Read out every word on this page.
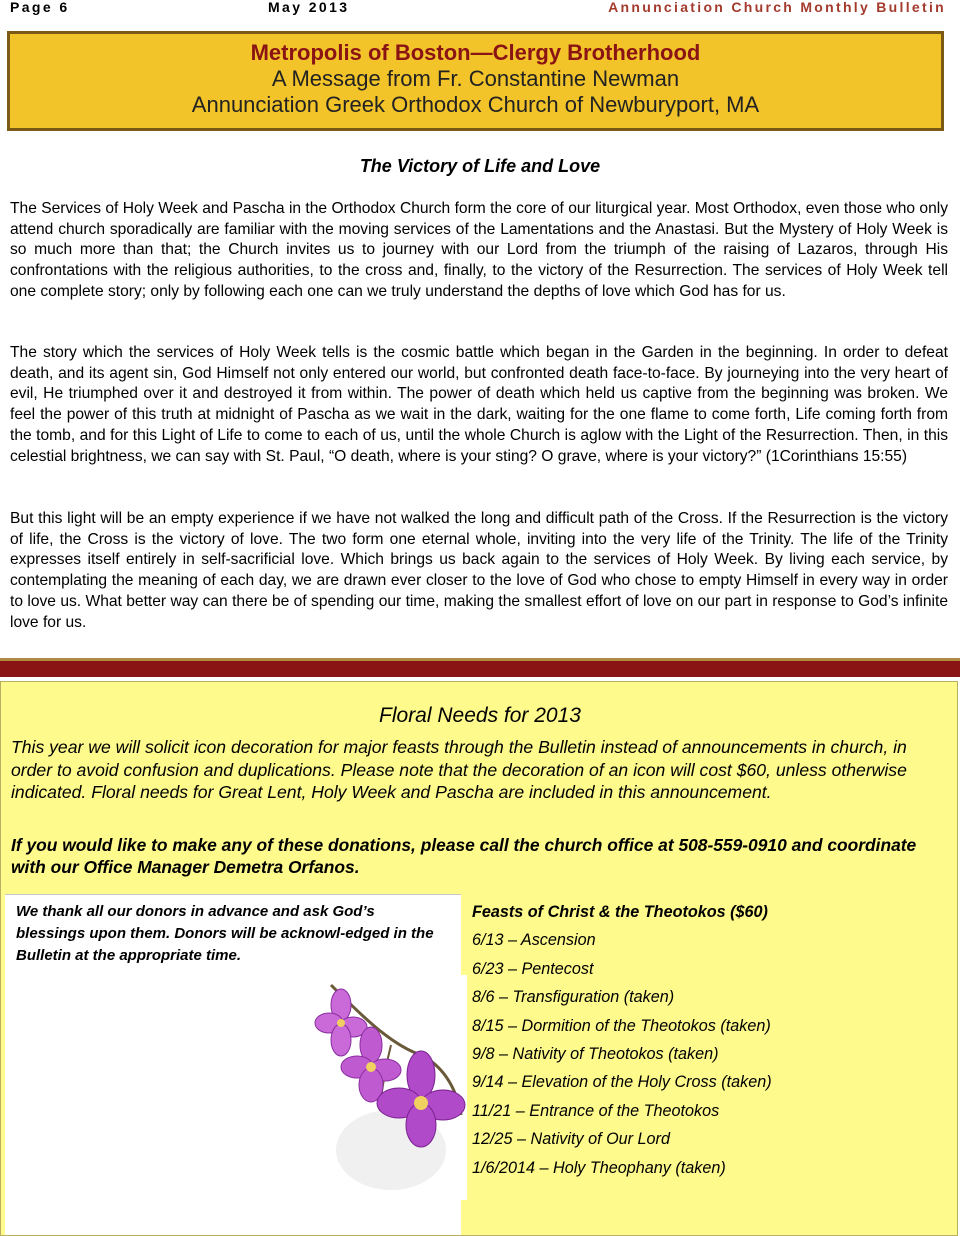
Page 6	May 2013	Annunciation Church Monthly Bulletin
Metropolis of Boston—Clergy Brotherhood
A Message from Fr. Constantine Newman
Annunciation Greek Orthodox Church of Newburyport, MA
The Victory of Life and Love

The Services of Holy Week and Pascha in the Orthodox Church form the core of our liturgical year. Most Orthodox, even those who only attend church sporadically are familiar with the moving services of the Lamentations and the Anastasi. But the Mystery of Holy Week is so much more than that; the Church invites us to journey with our Lord from the triumph of the raising of Lazaros, through His confrontations with the religious authorities, to the cross and, finally, to the victory of the Resurrection. The services of Holy Week tell one complete story; only by following each one can we truly understand the depths of love which God has for us.

The story which the services of Holy Week tells is the cosmic battle which began in the Garden in the beginning. In order to defeat death, and its agent sin, God Himself not only entered our world, but confronted death face-to-face. By journeying into the very heart of evil, He triumphed over it and destroyed it from within. The power of death which held us captive from the beginning was broken. We feel the power of this truth at midnight of Pascha as we wait in the dark, waiting for the one flame to come forth, Life coming forth from the tomb, and for this Light of Life to come to each of us, until the whole Church is aglow with the Light of the Resurrection. Then, in this celestial brightness, we can say with St. Paul, “O death, where is your sting? O grave, where is your victory?” (1Corinthians 15:55)

But this light will be an empty experience if we have not walked the long and difficult path of the Cross. If the Resurrection is the victory of life, the Cross is the victory of love. The two form one eternal whole, inviting into the very life of the Trinity. The life of the Trinity expresses itself entirely in self-sacrificial love. Which brings us back again to the services of Holy Week. By living each service, by contemplating the meaning of each day, we are drawn ever closer to the love of God who chose to empty Himself in every way in order to love us. What better way can there be of spending our time, making the smallest effort of love on our part in response to God’s infinite love for us.

Floral Needs for 2013

This year we will solicit icon decoration for major feasts through the Bulletin instead of announcements in church, in order to avoid confusion and duplications. Please note that the decoration of an icon will cost $60, unless otherwise indicated. Floral needs for Great Lent, Holy Week and Pascha are included in this announcement.

If you would like to make any of these donations, please call the church office at 508-559-0910 and coordinate with our Office Manager Demetra Orfanos.

We thank all our donors in advance and ask God’s blessings upon them. Donors will be acknowl-edged in the Bulletin at the appropriate time.

Feasts of Christ & the Theotokos ($60)
6/13 – Ascension
6/23 – Pentecost
8/6 – Transfiguration (taken)
8/15 – Dormition of the Theotokos (taken)
9/8 – Nativity of Theotokos (taken)
9/14 – Elevation of the Holy Cross (taken)
11/21 – Entrance of the Theotokos
12/25 – Nativity of Our Lord
1/6/2014 – Holy Theophany (taken)
